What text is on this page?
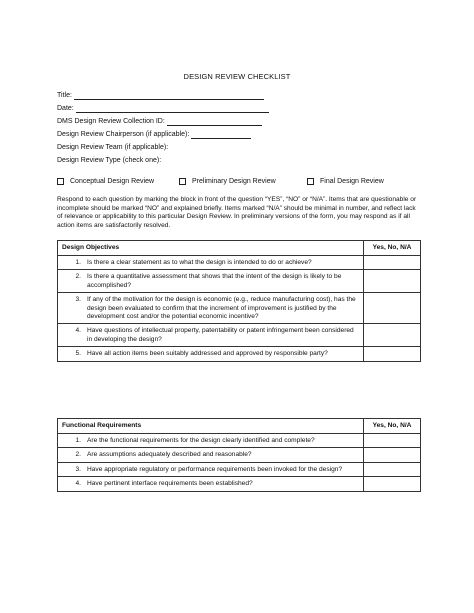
DESIGN REVIEW CHECKLIST
Title:
Date:
DMS Design Review Collection ID:
Design Review Chairperson (if applicable):
Design Review Team (if applicable):
Design Review Type (check one):
Conceptual Design Review	Preliminary Design Review	Final Design Review
Respond to each question by marking the block in front of the question “YES”, “NO” or “N/A”. Items that are questionable or incomplete should be marked “NO” and explained briefly. Items marked “N/A” should be minimal in number, and reflect lack of relevance or applicability to this particular Design Review. In preliminary versions of the form, you may respond as if all action items are satisfactorily resolved.
Design Objectives	Yes, No, N/A

1. Is there a clear statement as to what the design is intended to do or achieve?	

2. Is there a quantitative assessment that shows that the intent of the design is likely to be accomplished?	

3. If any of the motivation for the design is economic (e.g., reduce manufacturing cost), has the design been evaluated to confirm that the increment of improvement is justified by the development cost and/or the potential economic incentive?	

4. Have questions of intellectual property, patentability or patent infringement been considered in developing the design?	

5. Have all action items been suitably addressed and approved by responsible party?	

Functional Requirements	Yes, No, N/A

1. Are the functional requirements for the design clearly identified and complete?	

2. Are assumptions adequately described and reasonable?	

3. Have appropriate regulatory or performance requirements been invoked for the design?	

4. Have pertinent interface requirements been established?	
